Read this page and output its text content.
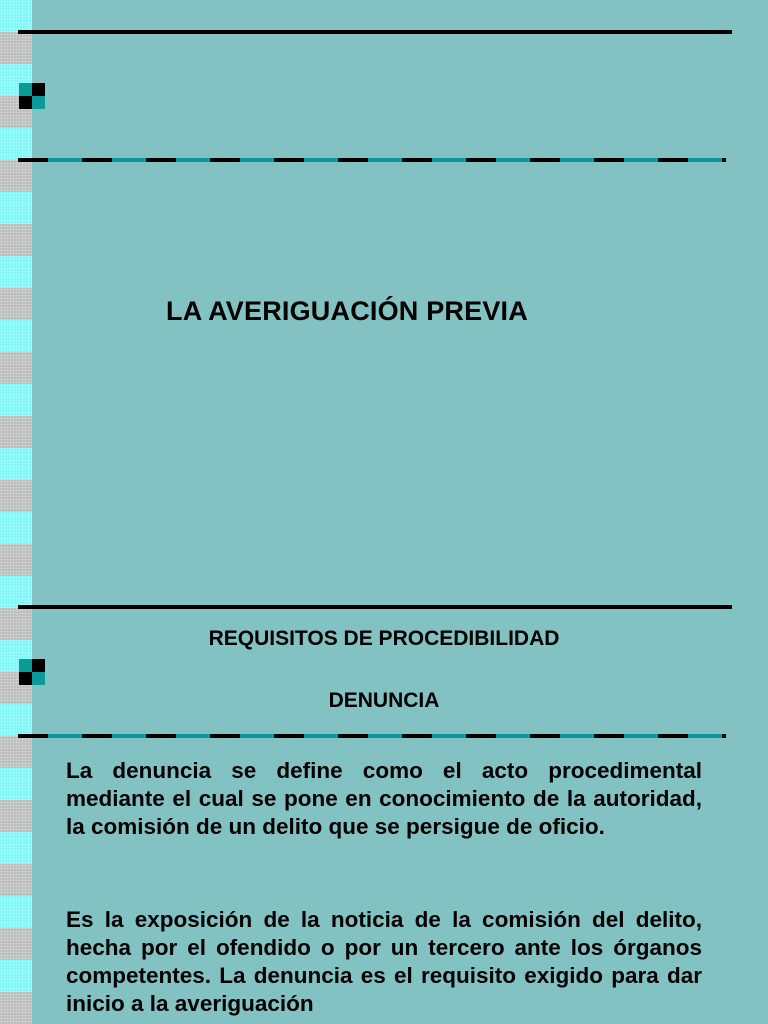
LA AVERIGUACIÓN PREVIA
REQUISITOS DE PROCEDIBILIDAD
DENUNCIA
La denuncia se define como el acto procedimental mediante el cual se pone en conocimiento de la autoridad, la comisión de un delito que se persigue de oficio.
Es la exposición de la noticia de la comisión del delito, hecha por el ofendido o por un tercero ante los órganos competentes. La denuncia es el requisito exigido para dar inicio a la averiguación
